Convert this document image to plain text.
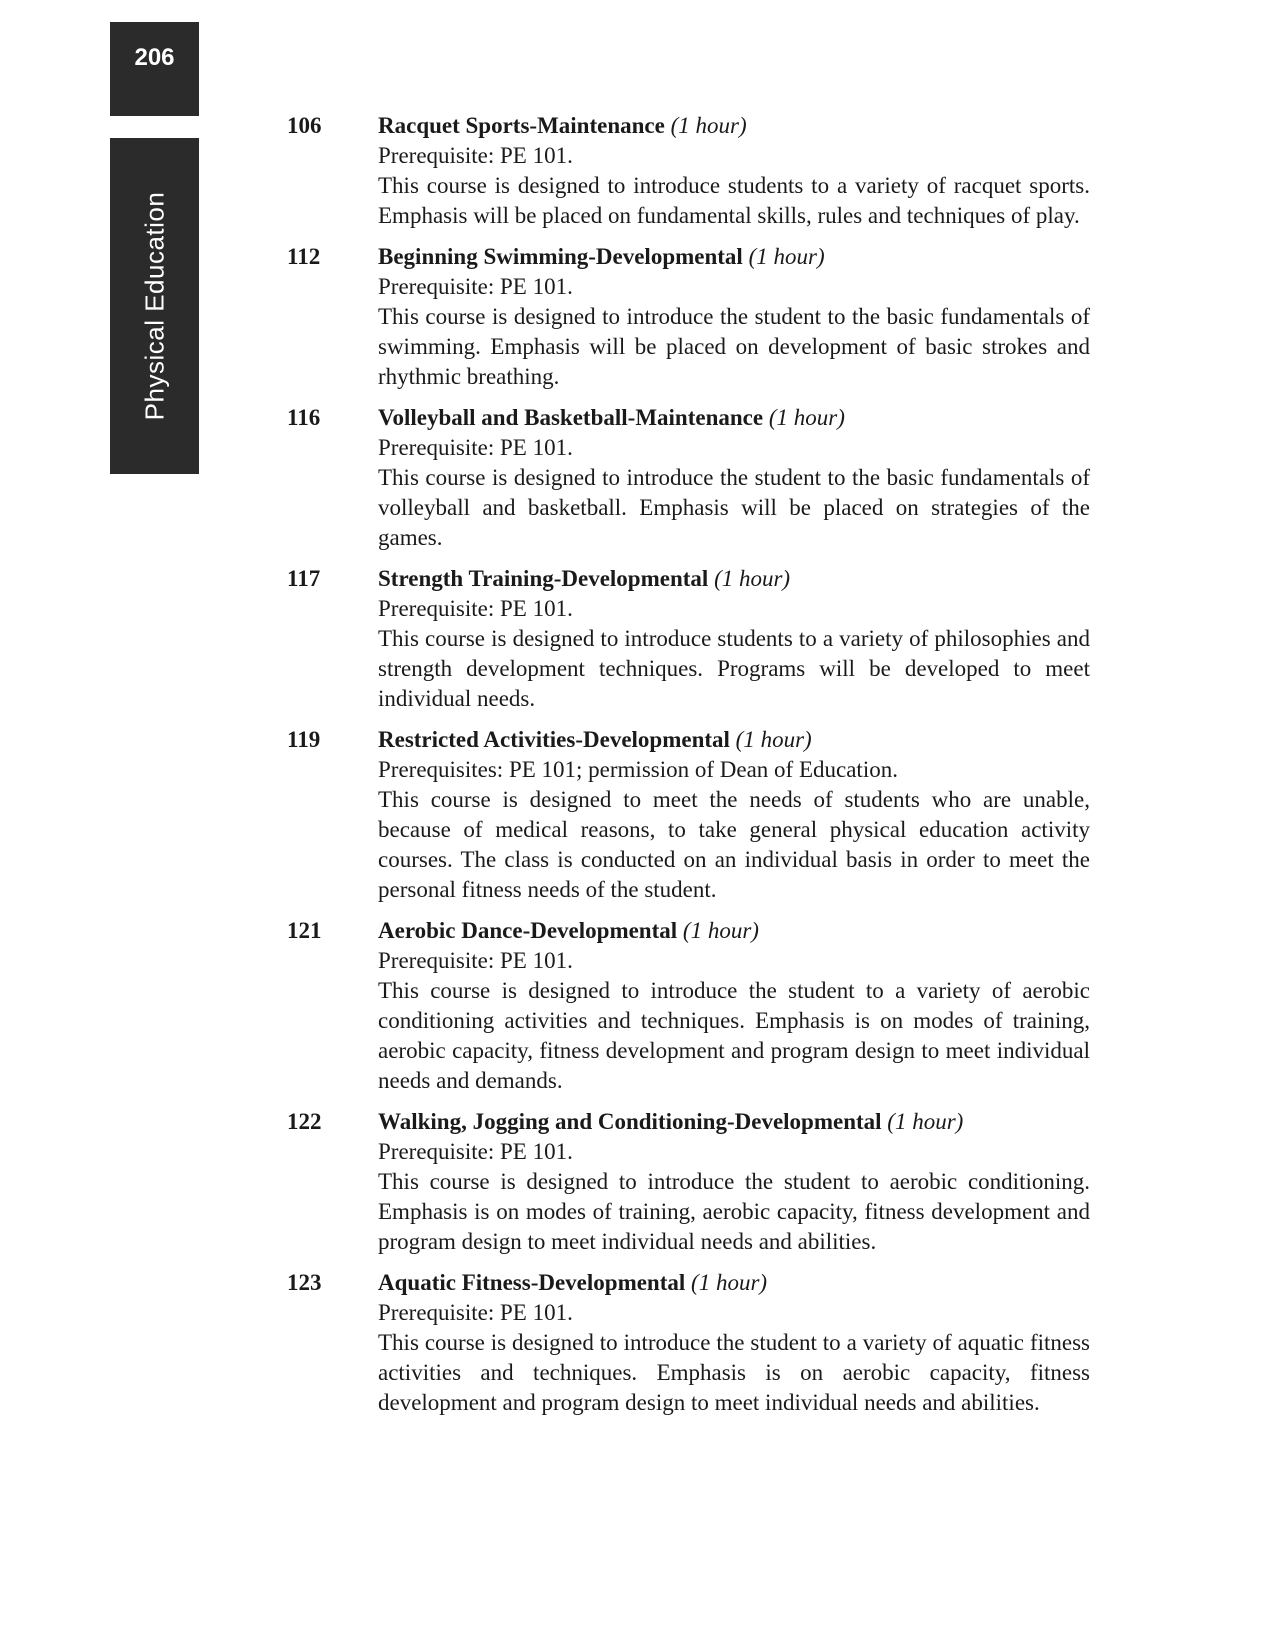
206
Physical Education
106 Racquet Sports-Maintenance (1 hour)
Prerequisite: PE 101.
This course is designed to introduce students to a variety of racquet sports. Emphasis will be placed on fundamental skills, rules and techniques of play.
112	Beginning Swimming-Developmental (1 hour)
Prerequisite: PE 101.
This course is designed to introduce the student to the basic fundamentals of swimming. Emphasis will be placed on development of basic strokes and rhythmic breathing.
116	Volleyball and Basketball-Maintenance (1 hour)
Prerequisite: PE 101.
This course is designed to introduce the student to the basic fundamentals of volleyball and basketball. Emphasis will be placed on strategies of the games.
117	Strength Training-Developmental (1 hour)
Prerequisite: PE 101.
This course is designed to introduce students to a variety of philosophies and strength development techniques. Programs will be developed to meet individual needs.
119	Restricted Activities-Developmental (1 hour)
Prerequisites: PE 101; permission of Dean of Education.
This course is designed to meet the needs of students who are unable, because of medical reasons, to take general physical education activity courses. The class is conducted on an individual basis in order to meet the personal fitness needs of the student.
121 Aerobic Dance-Developmental (1 hour)
Prerequisite: PE 101.
This course is designed to introduce the student to a variety of aerobic conditioning activities and techniques. Emphasis is on modes of training, aerobic capacity, fitness development and program design to meet individual needs and demands.
122 Walking, Jogging and Conditioning-Developmental (1 hour)
Prerequisite: PE 101.
This course is designed to introduce the student to aerobic conditioning. Emphasis is on modes of training, aerobic capacity, fitness development and program design to meet individual needs and abilities.
123 Aquatic Fitness-Developmental (1 hour)
Prerequisite: PE 101.
This course is designed to introduce the student to a variety of aquatic fitness activities and techniques. Emphasis is on aerobic capacity, fitness development and program design to meet individual needs and abilities.
